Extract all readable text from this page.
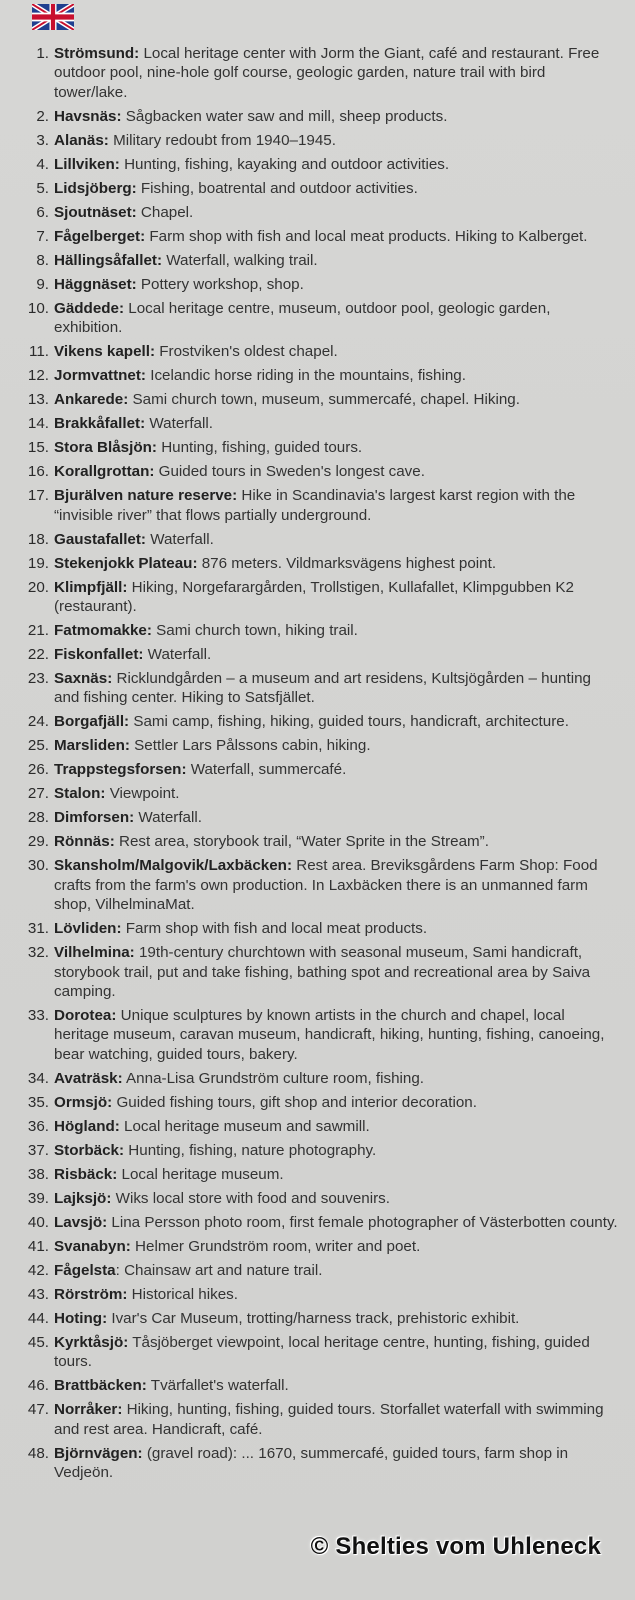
1. Strömsund: Local heritage center with Jorm the Giant, café and restaurant. Free outdoor pool, nine-hole golf course, geologic garden, nature trail with bird tower/lake.
2. Havsnäs: Sågbacken water saw and mill, sheep products.
3. Alanäs: Military redoubt from 1940–1945.
4. Lillviken: Hunting, fishing, kayaking and outdoor activities.
5. Lidsjöberg: Fishing, boatrental and outdoor activities.
6. Sjoutnäset: Chapel.
7. Fågelberget: Farm shop with fish and local meat products. Hiking to Kalberget.
8. Hällingsåfallet: Waterfall, walking trail.
9. Häggnäset: Pottery workshop, shop.
10. Gäddede: Local heritage centre, museum, outdoor pool, geologic garden, exhibition.
11. Vikens kapell: Frostviken's oldest chapel.
12. Jormvattnet: Icelandic horse riding in the mountains, fishing.
13. Ankarede: Sami church town, museum, summercafé, chapel. Hiking.
14. Brakkåfallet: Waterfall.
15. Stora Blåsjön: Hunting, fishing, guided tours.
16. Korallgrottan: Guided tours in Sweden's longest cave.
17. Bjurälven nature reserve: Hike in Scandinavia's largest karst region with the “invisible river” that flows partially underground.
18. Gaustafallet: Waterfall.
19. Stekenjokk Plateau: 876 meters. Vildmarksvägens highest point.
20. Klimpfjäll: Hiking, Norgefarargården, Trollstigen, Kullafallet, Klimpgubben K2 (restaurant).
21. Fatmomakke: Sami church town, hiking trail.
22. Fiskonfallet: Waterfall.
23. Saxnäs: Ricklundgården – a museum and art residens, Kultsjögården – hunting and fishing center. Hiking to Satsfjället.
24. Borgafjäll: Sami camp, fishing, hiking, guided tours, handicraft, architecture.
25. Marsliden: Settler Lars Pålssons cabin, hiking.
26. Trappstegsforsen: Waterfall, summercafé.
27. Stalon: Viewpoint.
28. Dimforsen: Waterfall.
29. Rönnäs: Rest area, storybook trail, “Water Sprite in the Stream”.
30. Skansholm/Malgovik/Laxbäcken: Rest area. Breviksgårdens Farm Shop: Food crafts from the farm's own production. In Laxbäcken there is an unmanned farm shop, VilhelminaMat.
31. Lövliden: Farm shop with fish and local meat products.
32. Vilhelmina: 19th-century churchtown with seasonal museum, Sami handicraft, storybook trail, put and take fishing, bathing spot and recreational area by Saiva camping.
33. Dorotea: Unique sculptures by known artists in the church and chapel, local heritage museum, caravan museum, handicraft, hiking, hunting, fishing, canoeing, bear watching, guided tours, bakery.
34. Avaträsk: Anna-Lisa Grundström culture room, fishing.
35. Ormsjö: Guided fishing tours, gift shop and interior decoration.
36. Högland: Local heritage museum and sawmill.
37. Storbäck: Hunting, fishing, nature photography.
38. Risbäck: Local heritage museum.
39. Lajksjö: Wiks local store with food and souvenirs.
40. Lavsjö: Lina Persson photo room, first female photographer of Västerbotten county.
41. Svanabyn: Helmer Grundström room, writer and poet.
42. Fågelsta: Chainsaw art and nature trail.
43. Rörström: Historical hikes.
44. Hoting: Ivar's Car Museum, trotting/harness track, prehistoric exhibit.
45. Kyrktåsjö: Tåsjöberget viewpoint, local heritage centre, hunting, fishing, guided tours.
46. Brattbäcken: Tvärfallet's waterfall.
47. Norråker: Hiking, hunting, fishing, guided tours. Storfallet waterfall with swimming and rest area. Handicraft, café.
48. Björnvägen: (gravel road): ... 1670, summercafé, guided tours, farm shop in Vedjeön.
© Shelties vom Uhleneck
